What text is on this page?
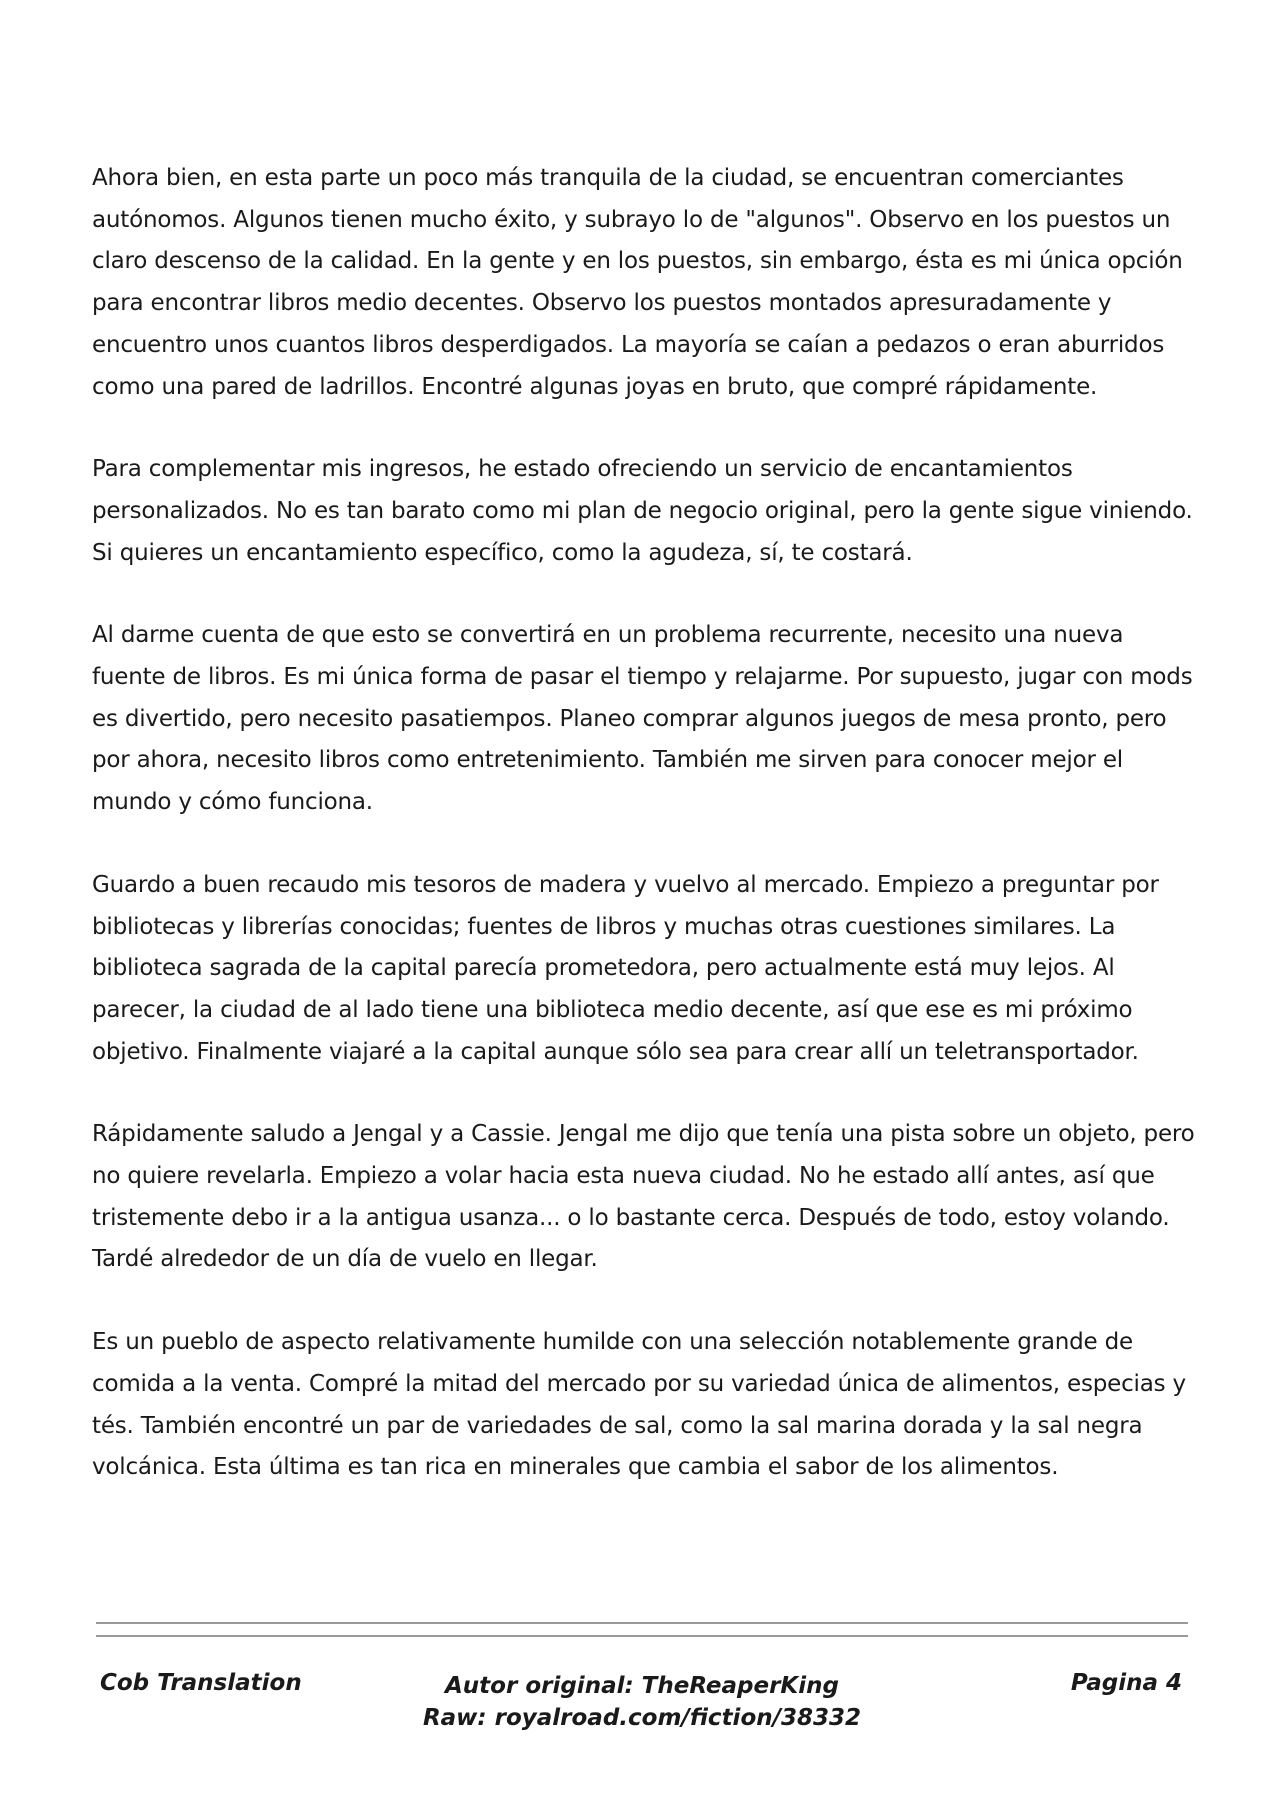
Ahora bien, en esta parte un poco más tranquila de la ciudad, se encuentran comerciantes autónomos. Algunos tienen mucho éxito, y subrayo lo de "algunos". Observo en los puestos un claro descenso de la calidad. En la gente y en los puestos, sin embargo, ésta es mi única opción para encontrar libros medio decentes. Observo los puestos montados apresuradamente y encuentro unos cuantos libros desperdigados. La mayoría se caían a pedazos o eran aburridos como una pared de ladrillos. Encontré algunas joyas en bruto, que compré rápidamente.

Para complementar mis ingresos, he estado ofreciendo un servicio de encantamientos personalizados. No es tan barato como mi plan de negocio original, pero la gente sigue viniendo. Si quieres un encantamiento específico, como la agudeza, sí, te costará.

Al darme cuenta de que esto se convertirá en un problema recurrente, necesito una nueva fuente de libros. Es mi única forma de pasar el tiempo y relajarme. Por supuesto, jugar con mods es divertido, pero necesito pasatiempos. Planeo comprar algunos juegos de mesa pronto, pero por ahora, necesito libros como entretenimiento. También me sirven para conocer mejor el mundo y cómo funciona.

Guardo a buen recaudo mis tesoros de madera y vuelvo al mercado. Empiezo a preguntar por bibliotecas y librerías conocidas; fuentes de libros y muchas otras cuestiones similares. La biblioteca sagrada de la capital parecía prometedora, pero actualmente está muy lejos. Al parecer, la ciudad de al lado tiene una biblioteca medio decente, así que ese es mi próximo objetivo. Finalmente viajaré a la capital aunque sólo sea para crear allí un teletransportador.

Rápidamente saludo a Jengal y a Cassie. Jengal me dijo que tenía una pista sobre un objeto, pero no quiere revelarla. Empiezo a volar hacia esta nueva ciudad. No he estado allí antes, así que tristemente debo ir a la antigua usanza... o lo bastante cerca. Después de todo, estoy volando. Tardé alrededor de un día de vuelo en llegar.

Es un pueblo de aspecto relativamente humilde con una selección notablemente grande de comida a la venta. Compré la mitad del mercado por su variedad única de alimentos, especias y tés. También encontré un par de variedades de sal, como la sal marina dorada y la sal negra volcánica. Esta última es tan rica en minerales que cambia el sabor de los alimentos.

Cob Translation	Autor original: TheReaperKing
Raw: royalroad.com/fiction/38332
Pagina 4
